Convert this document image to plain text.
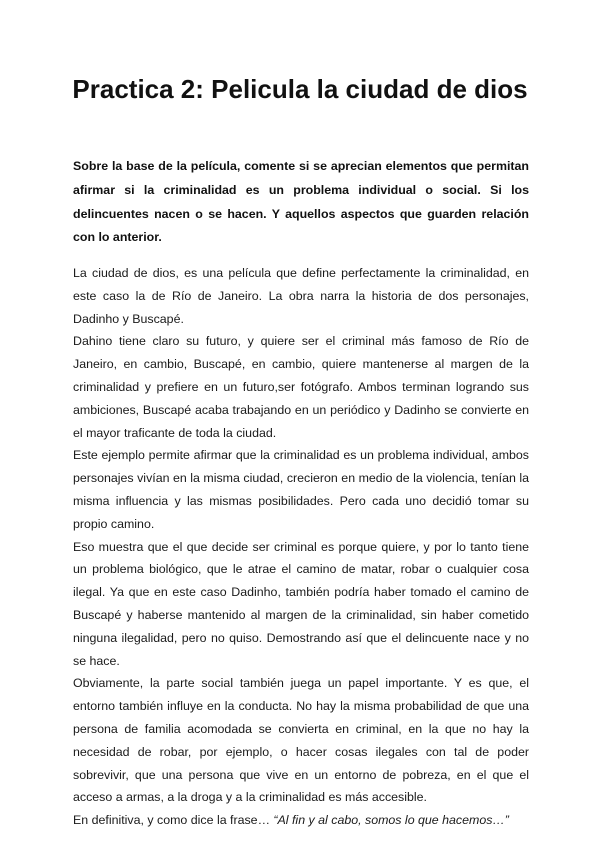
Practica 2: Pelicula la ciudad de dios

Sobre la base de la película, comente si se aprecian elementos que permitan afirmar si la criminalidad es un problema individual o social. Si los delincuentes nacen o se hacen. Y aquellos aspectos que guarden relación con lo anterior.

La ciudad de dios, es una película que define perfectamente la criminalidad, en este caso la de Río de Janeiro. La obra narra la historia de dos personajes, Dadinho y Buscapé.

Dahino tiene claro su futuro, y quiere ser el criminal más famoso de Río de Janeiro, en cambio, Buscapé, en cambio, quiere mantenerse al margen de la criminalidad y prefiere en un futuro,ser fotógrafo. Ambos terminan logrando sus ambiciones, Buscapé acaba trabajando en un periódico y Dadinho se convierte en el mayor traficante de toda la ciudad.

Este ejemplo permite afirmar que la criminalidad es un problema individual, ambos personajes vivían en la misma ciudad, crecieron en medio de la violencia, tenían la misma influencia y las mismas posibilidades. Pero cada uno decidió tomar su propio camino.

Eso muestra que el que decide ser criminal es porque quiere, y por lo tanto tiene un problema biológico, que le atrae el camino de matar, robar o cualquier cosa ilegal. Ya que en este caso Dadinho, también podría haber tomado el camino de Buscapé y haberse mantenido al margen de la criminalidad, sin haber cometido ninguna ilegalidad, pero no quiso. Demostrando así que el delincuente nace y no se hace.

Obviamente, la parte social también juega un papel importante. Y es que, el entorno también influye en la conducta. No hay la misma probabilidad de que una persona de familia acomodada se convierta en criminal, en la que no hay la necesidad de robar, por ejemplo, o hacer cosas ilegales con tal de poder sobrevivir, que una persona que vive en un entorno de pobreza, en el que el acceso a armas, a la droga y a la criminalidad es más accesible.

En definitiva, y como dice la frase… “Al fin y al cabo, somos lo que hacemos…”
